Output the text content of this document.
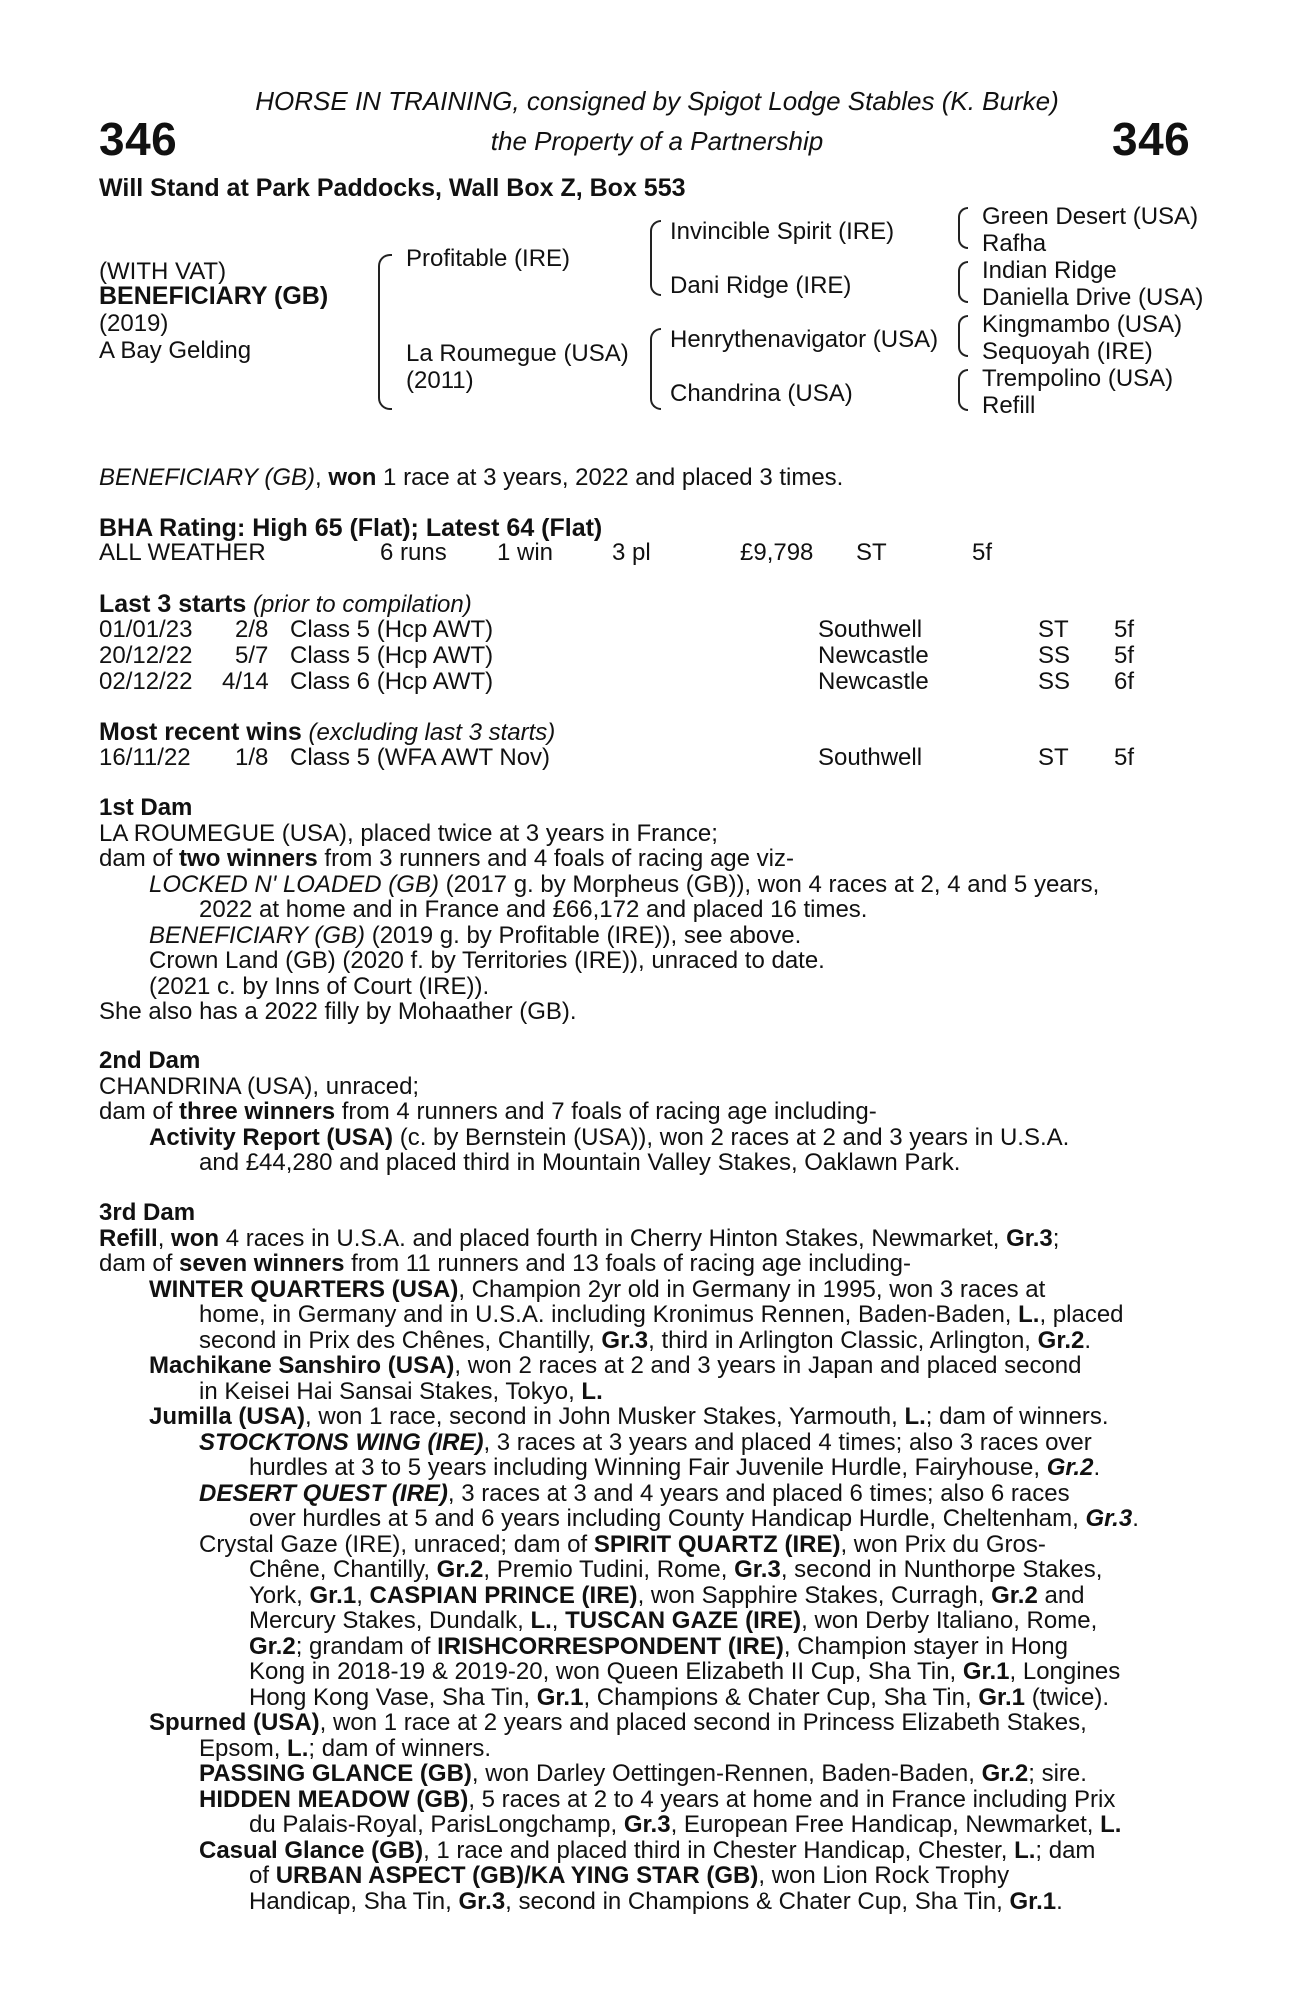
346	346
HORSE IN TRAINING, consigned by Spigot Lodge Stables (K. Burke)
the Property of a Partnership
Will Stand at Park Paddocks, Wall Box Z, Box 553
(WITH VAT)
BENEFICIARY (GB)
(2019)
A Bay Gelding
Profitable (IRE)
La Roumegue (USA)
(2011)
Invincible Spirit (IRE)
Dani Ridge (IRE)
Henrythenavigator (USA)
Chandrina (USA)
Green Desert (USA)
Rafha
Indian Ridge
Daniella Drive (USA)
Kingmambo (USA)
Sequoyah (IRE)
Trempolino (USA)
Refill
BENEFICIARY (GB), won 1 race at 3 years, 2022 and placed 3 times.
BHA Rating: High 65 (Flat); Latest 64 (Flat)
ALL WEATHER	6 runs 1 win 3 pl	£9,798 ST	5f
Last 3 starts (prior to compilation)
01/01/23 2/8 Class 5 (Hcp AWT)	Southwell	ST 5f
20/12/22 5/7 Class 5 (Hcp AWT)	Newcastle	SS 5f
02/12/22 4/14 Class 6 (Hcp AWT)	Newcastle	SS 6f
Most recent wins (excluding last 3 starts)
16/11/22 1/8 Class 5 (WFA AWT Nov)	Southwell	ST 5f
1st Dam
LA ROUMEGUE (USA), placed twice at 3 years in France;
dam of two winners from 3 runners and 4 foals of racing age viz-
LOCKED N' LOADED (GB) (2017 g. by Morpheus (GB)), won 4 races at 2, 4 and 5 years,
2022 at home and in France and £66,172 and placed 16 times.
BENEFICIARY (GB) (2019 g. by Profitable (IRE)), see above.
Crown Land (GB) (2020 f. by Territories (IRE)), unraced to date.
(2021 c. by Inns of Court (IRE)).
She also has a 2022 filly by Mohaather (GB).
2nd Dam
CHANDRINA (USA), unraced;
dam of three winners from 4 runners and 7 foals of racing age including-
Activity Report (USA) (c. by Bernstein (USA)), won 2 races at 2 and 3 years in U.S.A.
and £44,280 and placed third in Mountain Valley Stakes, Oaklawn Park.
3rd Dam
Refill, won 4 races in U.S.A. and placed fourth in Cherry Hinton Stakes, Newmarket, Gr.3;
dam of seven winners from 11 runners and 13 foals of racing age including-
WINTER QUARTERS (USA), Champion 2yr old in Germany in 1995, won 3 races at
home, in Germany and in U.S.A. including Kronimus Rennen, Baden-Baden, L., placed
second in Prix des Chênes, Chantilly, Gr.3, third in Arlington Classic, Arlington, Gr.2.
Machikane Sanshiro (USA), won 2 races at 2 and 3 years in Japan and placed second
in Keisei Hai Sansai Stakes, Tokyo, L.
Jumilla (USA), won 1 race, second in John Musker Stakes, Yarmouth, L.; dam of winners.
STOCKTONS WING (IRE), 3 races at 3 years and placed 4 times; also 3 races over
hurdles at 3 to 5 years including Winning Fair Juvenile Hurdle, Fairyhouse, Gr.2.
DESERT QUEST (IRE), 3 races at 3 and 4 years and placed 6 times; also 6 races
over hurdles at 5 and 6 years including County Handicap Hurdle, Cheltenham, Gr.3.
Crystal Gaze (IRE), unraced; dam of SPIRIT QUARTZ (IRE), won Prix du Gros-
Chêne, Chantilly, Gr.2, Premio Tudini, Rome, Gr.3, second in Nunthorpe Stakes,
York, Gr.1, CASPIAN PRINCE (IRE), won Sapphire Stakes, Curragh, Gr.2 and
Mercury Stakes, Dundalk, L., TUSCAN GAZE (IRE), won Derby Italiano, Rome,
Gr.2; grandam of IRISHCORRESPONDENT (IRE), Champion stayer in Hong
Kong in 2018-19 & 2019-20, won Queen Elizabeth II Cup, Sha Tin, Gr.1, Longines
Hong Kong Vase, Sha Tin, Gr.1, Champions & Chater Cup, Sha Tin, Gr.1 (twice).
Spurned (USA), won 1 race at 2 years and placed second in Princess Elizabeth Stakes,
Epsom, L.; dam of winners.
PASSING GLANCE (GB), won Darley Oettingen-Rennen, Baden-Baden, Gr.2; sire.
HIDDEN MEADOW (GB), 5 races at 2 to 4 years at home and in France including Prix
du Palais-Royal, ParisLongchamp, Gr.3, European Free Handicap, Newmarket, L.
Casual Glance (GB), 1 race and placed third in Chester Handicap, Chester, L.; dam
of URBAN ASPECT (GB)/KA YING STAR (GB), won Lion Rock Trophy
Handicap, Sha Tin, Gr.3, second in Champions & Chater Cup, Sha Tin, Gr.1.
